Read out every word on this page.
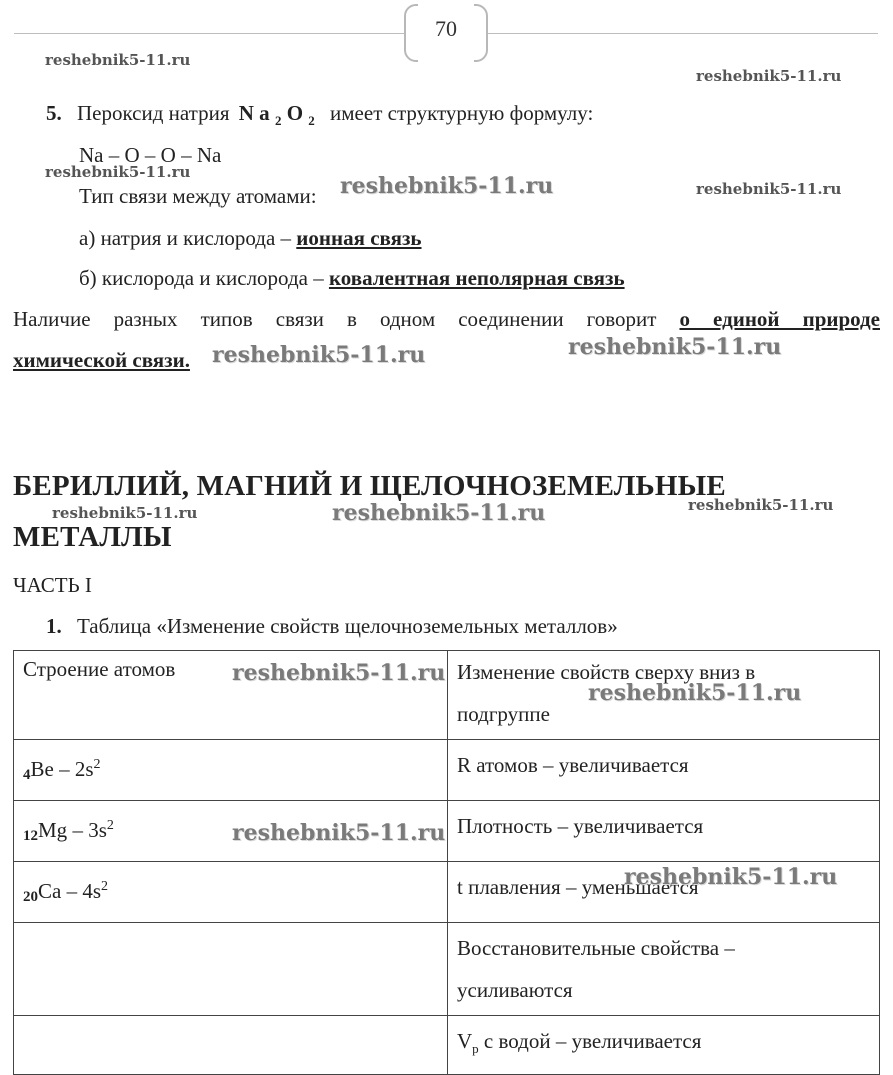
70
reshebnik5-11.ru
reshebnik5-11.ru
reshebnik5-11.ru
reshebnik5-11.ru	reshebnik5-11.ru
reshebnik5-11.ru	reshebnik5-11.ru
reshebnik5-11.ru
reshebnik5-11.ru	reshebnik5-11.ru
5. Пероксид натрия N a $_2$ O $_2$ имеет структурную формулу:
Na – O – O – Na
Тип связи между атомами:
а) натрия и кислорода – ионная связь
б) кислорода и кислорода – ковалентная неполярная связь
Наличие разных типов связи в одном соединении говорит о единой природе
химической связи.
БЕРИЛЛИЙ, МАГНИЙ И ЩЕЛОЧНОЗЕМЕЛЬНЫЕ
МЕТАЛЛЫ
ЧАСТЬ I
1. Таблица «Изменение свойств щелочноземельных металлов»
Строение атомов	Изменение свойств сверху вниз в подгруппе

$4Be - 2s^2$	R атомов – увеличивается
$12Mg - 3s^2$	Плотность – увеличивается
$20Ca - 4s^2$	t плавления – уменьшается

	Восстановительные свойства – усиливаются

	$V_р$ с водой – увеличивается
reshebnik5-11.ru
reshebnik5-11.ru
reshebnik5-11.ru
reshebnik5-11.ru
